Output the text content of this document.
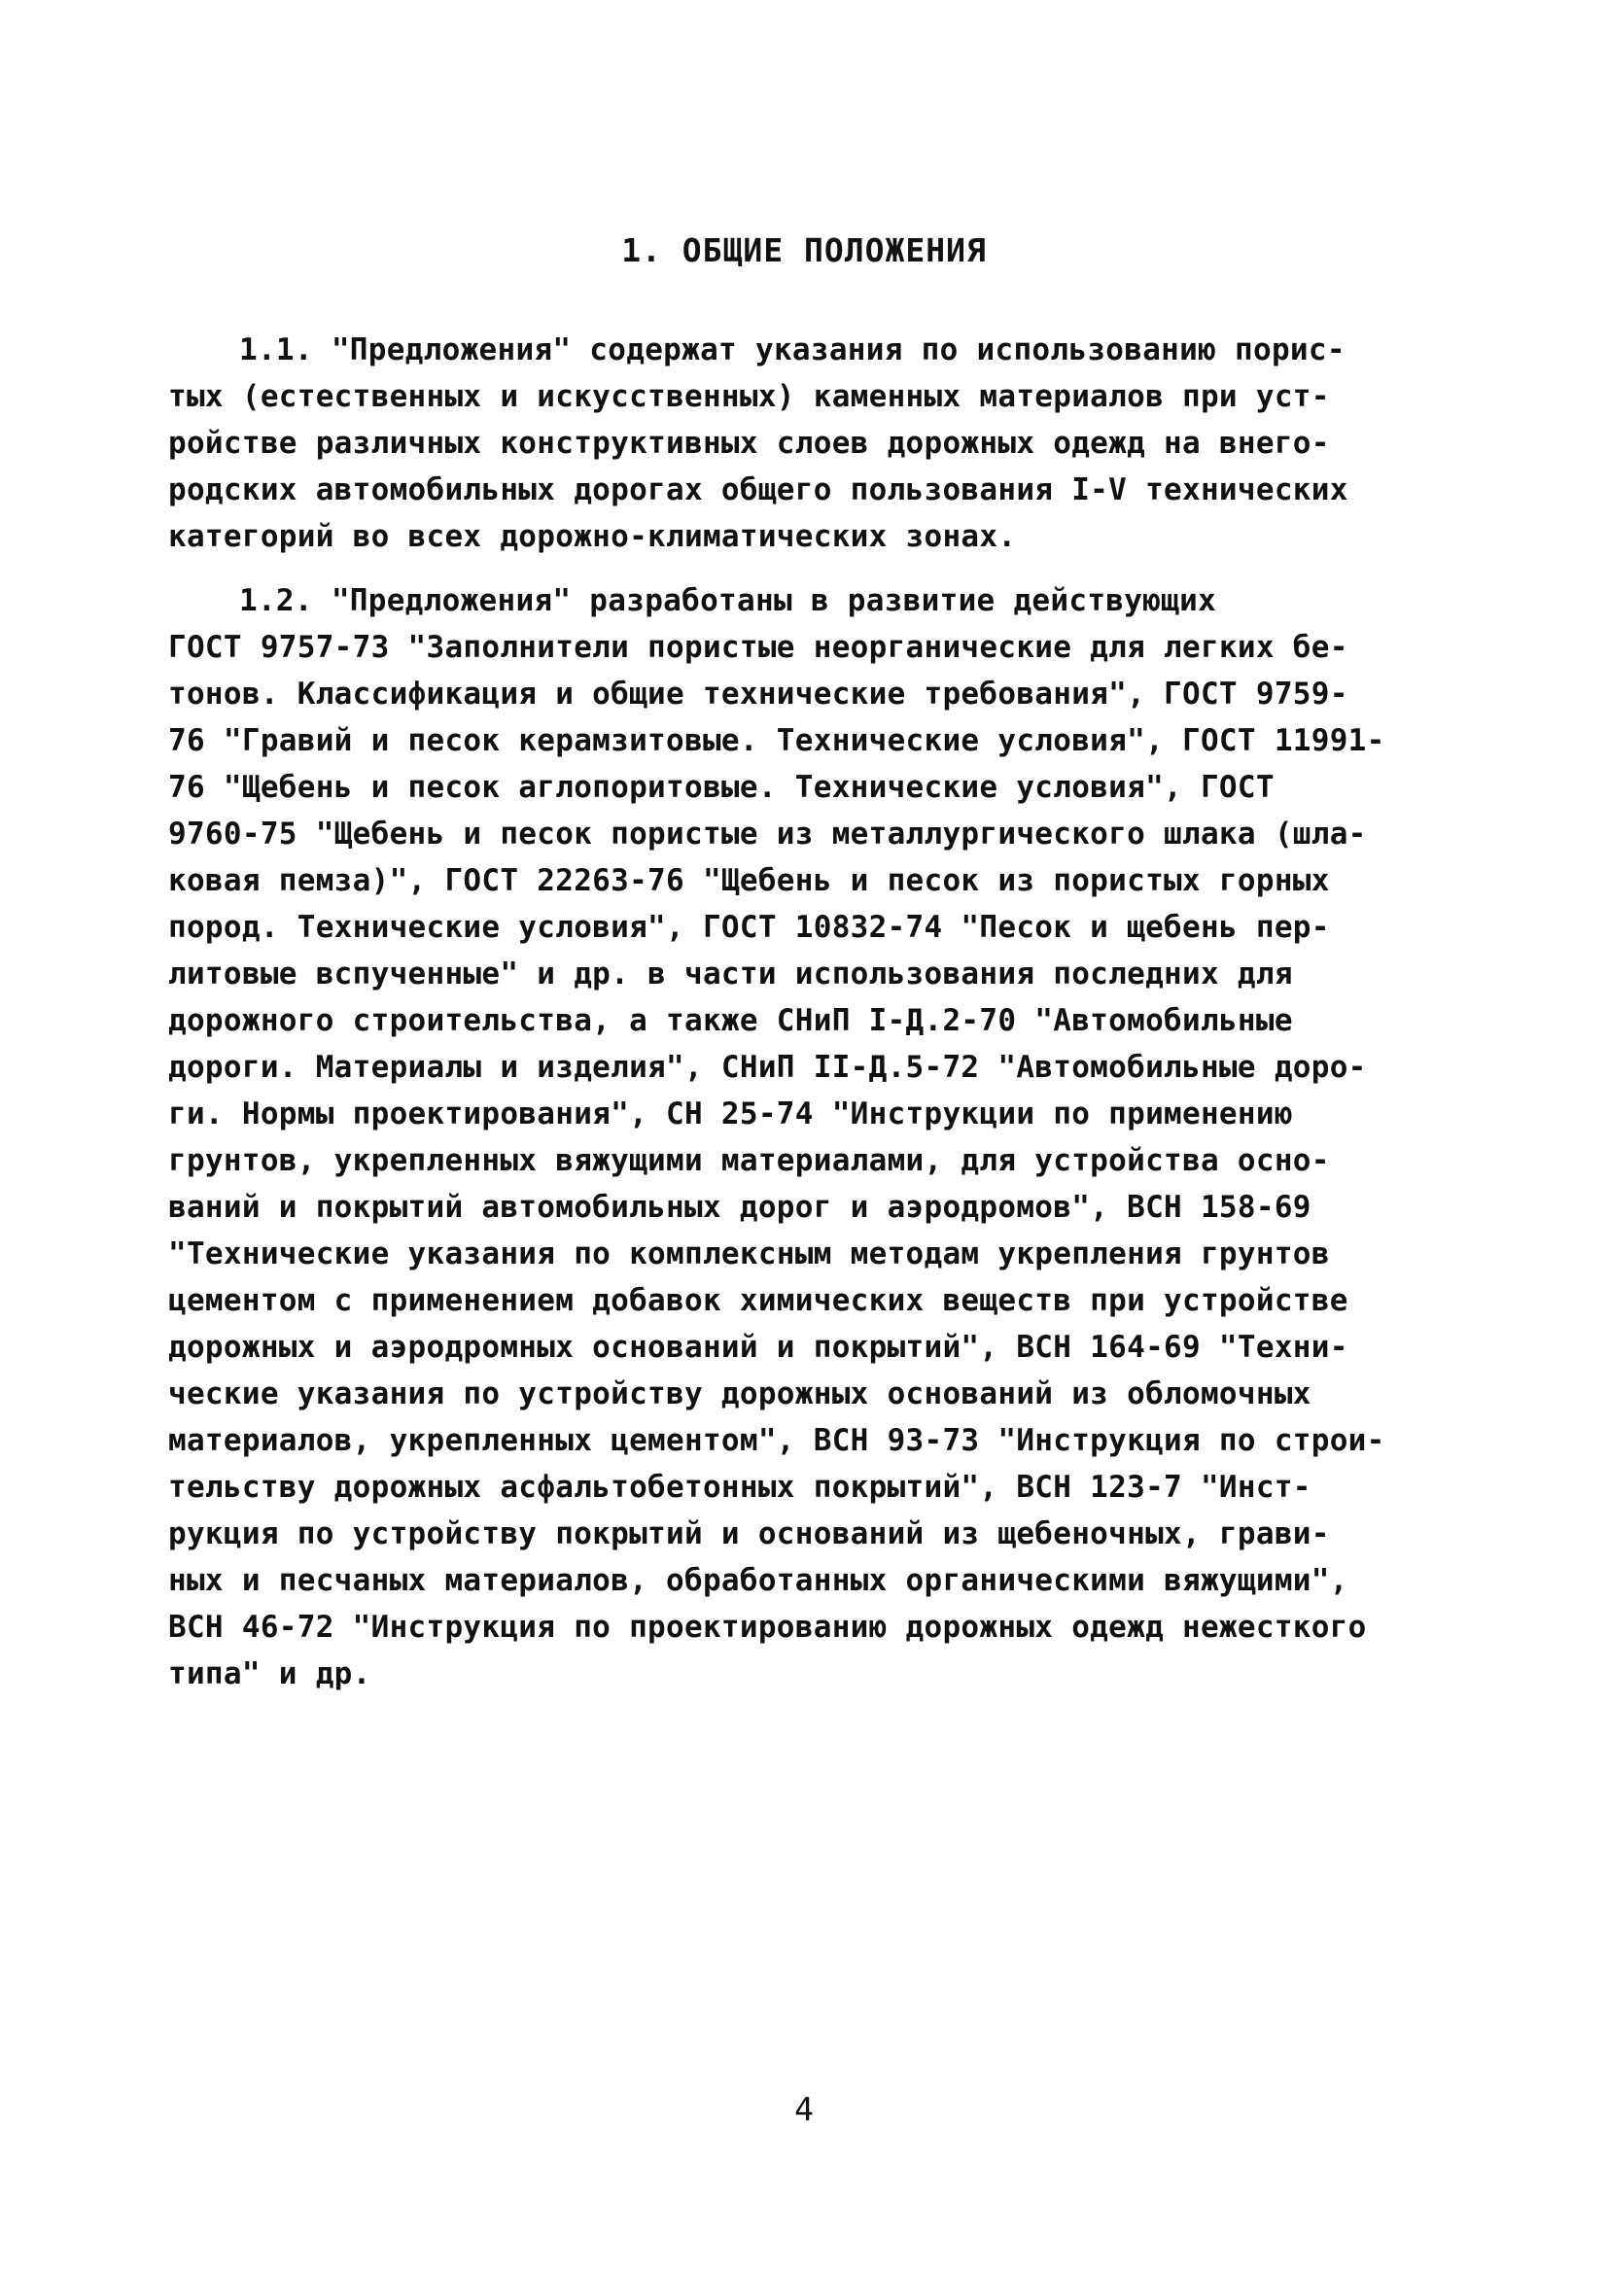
1. ОБЩИЕ ПОЛОЖЕНИЯ
1.1. "Предложения" содержат указания по использованию порис-
тых (естественных и искусственных) каменных материалов при уст-
ройстве различных конструктивных слоев дорожных одежд на внего-
родских автомобильных дорогах общего пользования I-V технических
категорий во всех дорожно-климатических зонах.
1.2. "Предложения" разработаны в развитие действующих
ГОСТ 9757-73 "Заполнители пористые неорганические для легких бе-
тонов. Классификация и общие технические требования", ГОСТ 9759-
76 "Гравий и песок керамзитовые. Технические условия", ГОСТ 11991-
76 "Щебень и песок аглопоритовые. Технические условия", ГОСТ
9760-75 "Щебень и песок пористые из металлургического шлака (шла-
ковая пемза)", ГОСТ 22263-76 "Щебень и песок из пористых горных
пород. Технические условия", ГОСТ 10832-74 "Песок и щебень пер-
литовые вспученные" и др. в части использования последних для
дорожного строительства, а также СНиП I-Д.2-70 "Автомобильные
дороги. Материалы и изделия", СНиП II-Д.5-72 "Автомобильные доро-
ги. Нормы проектирования", СН 25-74 "Инструкции по применению
грунтов, укрепленных вяжущими материалами, для устройства осно-
ваний и покрытий автомобильных дорог и аэродромов", ВСН 158-69
"Технические указания по комплексным методам укрепления грунтов
цементом с применением добавок химических веществ при устройстве
дорожных и аэродромных оснований и покрытий", ВСН 164-69 "Техни-
ческие указания по устройству дорожных оснований из обломочных
материалов, укрепленных цементом", ВСН 93-73 "Инструкция по строи-
тельству дорожных асфальтобетонных покрытий", ВСН 123-7 "Инст-
рукция по устройству покрытий и оснований из щебеночных, грави-
ных и песчаных материалов, обработанных органическими вяжущими",
ВСН 46-72 "Инструкция по проектированию дорожных одежд нежесткого
типа" и др.

4
